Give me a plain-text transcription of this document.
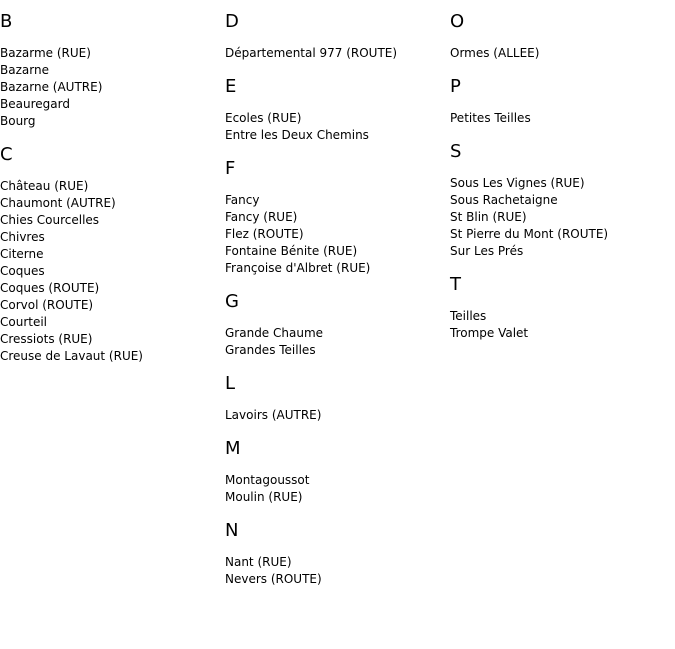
B
Bazarme (RUE)
Bazarne
Bazarne (AUTRE)
Beauregard
Bourg
C
Château (RUE)
Chaumont (AUTRE)
Chies Courcelles
Chivres
Citerne
Coques
Coques (ROUTE)
Corvol (ROUTE)
Courteil
Cressiots (RUE)
Creuse de Lavaut (RUE)
D
Départemental 977 (ROUTE)
E
Ecoles (RUE)
Entre les Deux Chemins
F
Fancy
Fancy (RUE)
Flez (ROUTE)
Fontaine Bénite (RUE)
Françoise d'Albret (RUE)
G
Grande Chaume
Grandes Teilles
L
Lavoirs (AUTRE)
M
Montagoussot
Moulin (RUE)
N
Nant (RUE)
Nevers (ROUTE)
O
Ormes (ALLEE)
P
Petites Teilles
S
Sous Les Vignes (RUE)
Sous Rachetaigne
St Blin (RUE)
St Pierre du Mont (ROUTE)
Sur Les Prés
T
Teilles
Trompe Valet
